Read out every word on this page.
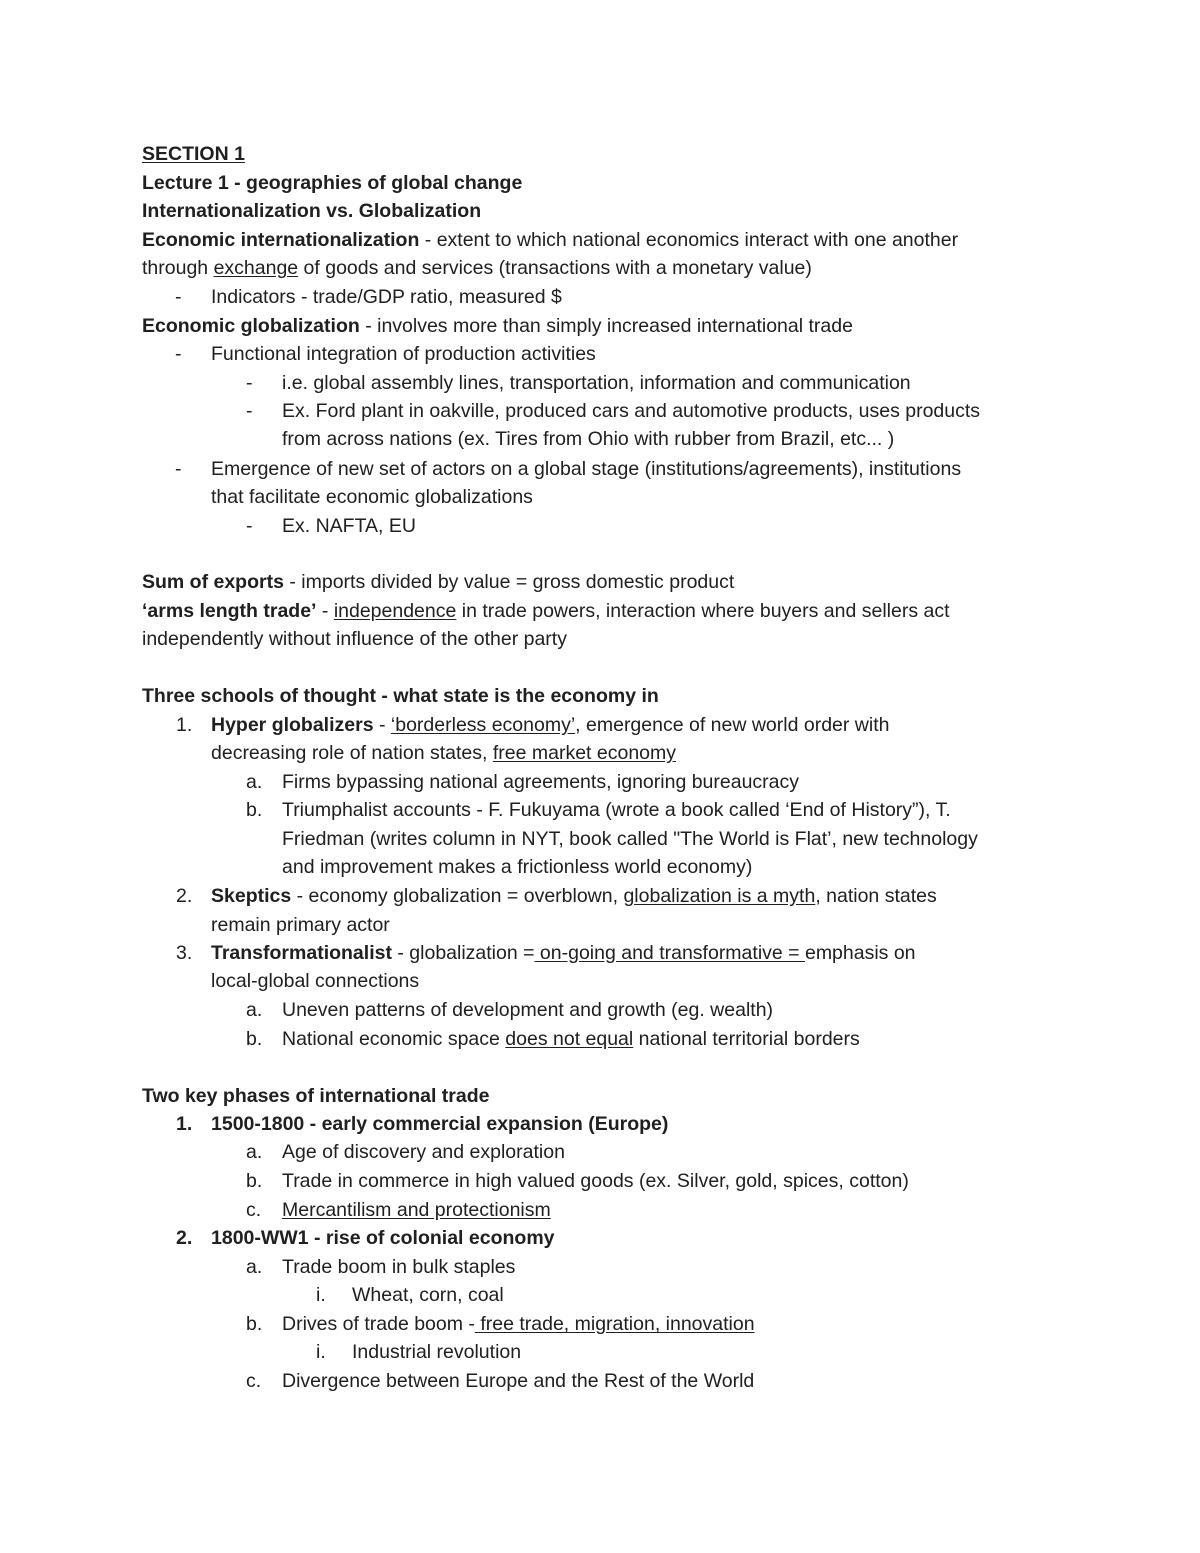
SECTION 1
Lecture 1 - geographies of global change
Internationalization vs. Globalization
Economic internationalization - extent to which national economics interact with one another
through exchange of goods and services (transactions with a monetary value)
- Indicators - trade/GDP ratio, measured $
Economic globalization - involves more than simply increased international trade
- Functional integration of production activities
- i.e. global assembly lines, transportation, information and communication
- Ex. Ford plant in oakville, produced cars and automotive products, uses products
from across nations (ex. Tires from Ohio with rubber from Brazil, etc... )
- Emergence of new set of actors on a global stage (institutions/agreements), institutions
that facilitate economic globalizations
- Ex. NAFTA, EU
Sum of exports - imports divided by value = gross domestic product
‘arms length trade’ - independence in trade powers, interaction where buyers and sellers act
independently without influence of the other party
Three schools of thought - what state is the economy in
1. Hyper globalizers - ‘borderless economy’, emergence of new world order with
decreasing role of nation states, free market economy
a. Firms bypassing national agreements, ignoring bureaucracy
b. Triumphalist accounts - F. Fukuyama (wrote a book called ‘End of History”), T.
Friedman (writes column in NYT, book called "The World is Flat’, new technology
and improvement makes a frictionless world economy)
2. Skeptics - economy globalization = overblown, globalization is a myth, nation states
remain primary actor
3. Transformationalist - globalization = on-going and transformative = emphasis on
local-global connections
a. Uneven patterns of development and growth (eg. wealth)
b. National economic space does not equal national territorial borders
Two key phases of international trade
1. 1500-1800 - early commercial expansion (Europe)
a. Age of discovery and exploration
b. Trade in commerce in high valued goods (ex. Silver, gold, spices, cotton)
c. Mercantilism and protectionism
2. 1800-WW1 - rise of colonial economy
a. Trade boom in bulk staples
i. Wheat, corn, coal
b. Drives of trade boom - free trade, migration, innovation
i. Industrial revolution
c. Divergence between Europe and the Rest of the World
